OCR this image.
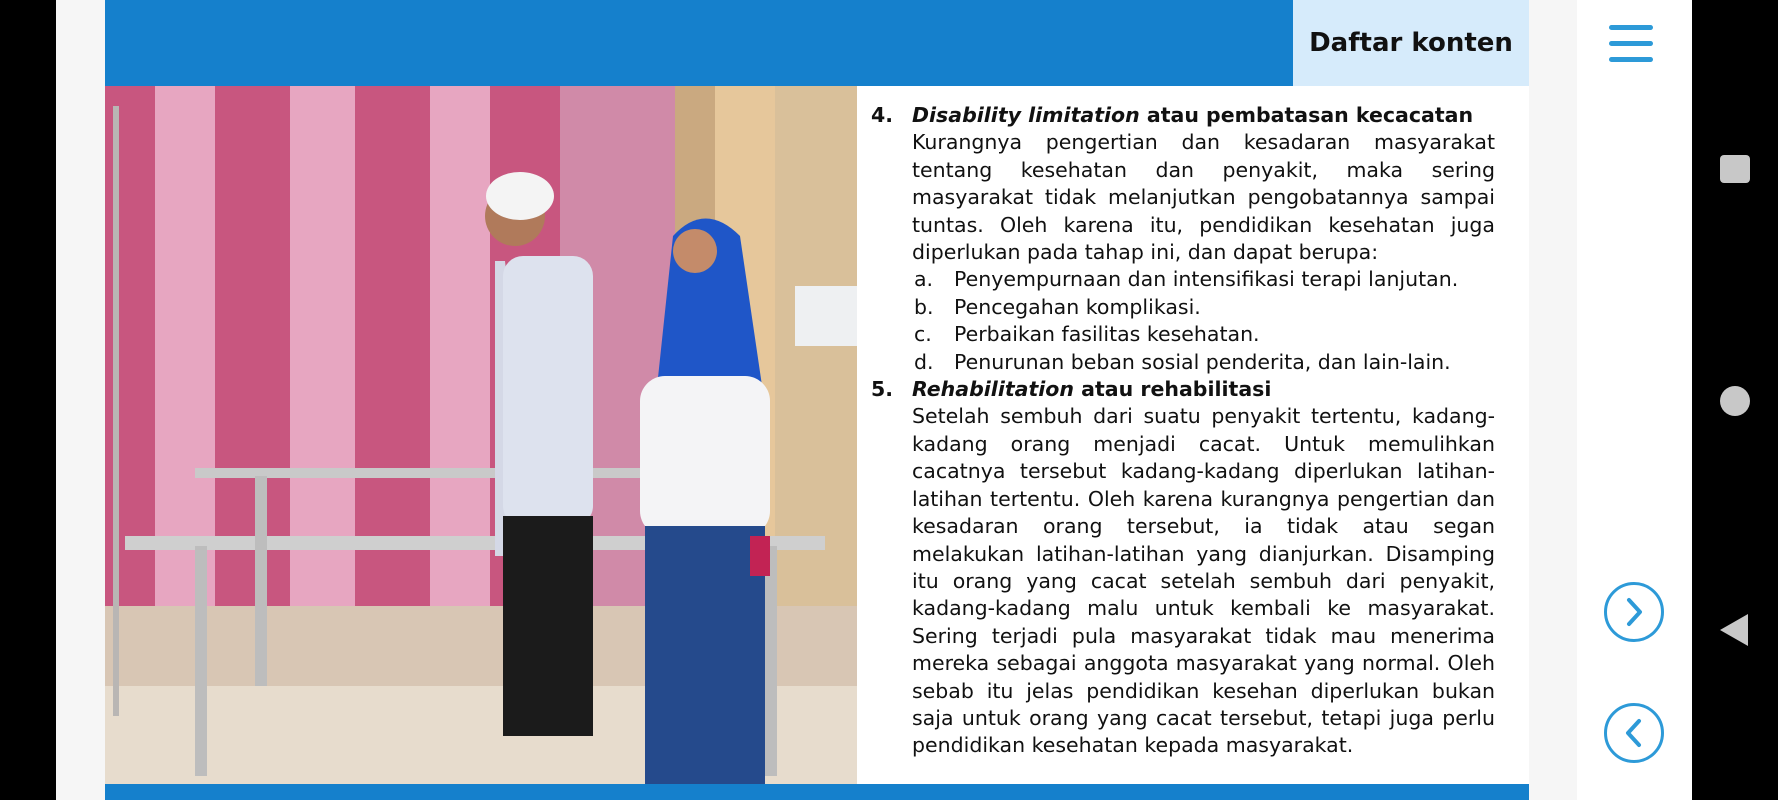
Daftar konten
4. Disability limitation atau pembatasan kecacatan
Kurangnya pengertian dan kesadaran masyarakat tentang kesehatan dan penyakit, maka sering masyarakat tidak melanjutkan pengobatannya sampai tuntas. Oleh karena itu, pendidikan kesehatan juga diperlukan pada tahap ini, dan dapat berupa:
a.	Penyempurnaan dan intensifikasi terapi lanjutan.
b. Pencegahan komplikasi.
c.	Perbaikan fasilitas kesehatan.
d. Penurunan beban sosial penderita, dan lain-lain.
5. Rehabilitation atau rehabilitasi
Setelah sembuh dari suatu penyakit tertentu, kadang-kadang orang menjadi cacat. Untuk memulihkan cacatnya tersebut kadang-kadang diperlukan latihan-latihan tertentu. Oleh karena kurangnya pengertian dan kesadaran orang tersebut, ia tidak atau segan melakukan latihan-latihan yang dianjurkan. Disamping itu orang yang cacat setelah sembuh dari penyakit, kadang-kadang malu untuk kembali ke masyarakat. Sering terjadi pula masyarakat tidak mau menerima mereka sebagai anggota masyarakat yang normal. Oleh sebab itu jelas pendidikan kesehan diperlukan bukan saja untuk orang yang cacat tersebut, tetapi juga perlu pendidikan kesehatan kepada masyarakat.
